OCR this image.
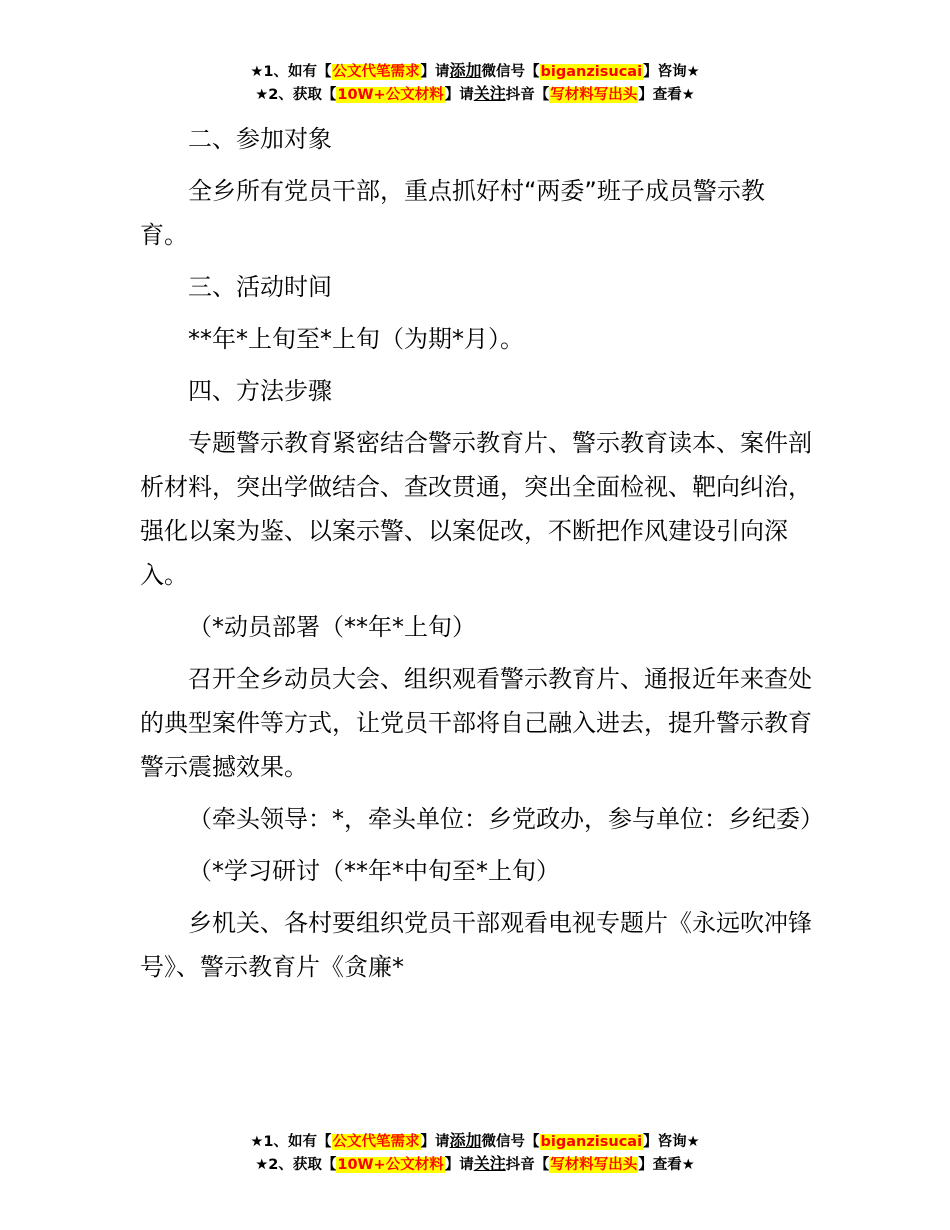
★1、如有【公文代笔需求】请添加微信号【biganzisucai】咨询★
★2、获取【10W+公文材料】请关注抖音【写材料写出头】查看★

二、参加对象

全乡所有党员干部，重点抓好村“两委”班子成员警示教育。

三、活动时间

**年*上旬至*上旬（为期*月）。

四、方法步骤

专题警示教育紧密结合警示教育片、警示教育读本、案件剖析材料，突出学做结合、查改贯通，突出全面检视、靶向纠治，强化以案为鉴、以案示警、以案促改，不断把作风建设引向深入。

（*动员部署（**年*上旬）

召开全乡动员大会、组织观看警示教育片、通报近年来查处的典型案件等方式，让党员干部将自己融入进去，提升警示教育警示震撼效果。

（牵头领导：*，牵头单位：乡党政办，参与单位：乡纪委）

（*学习研讨（**年*中旬至*上旬）

乡机关、各村要组织党员干部观看电视专题片《永远吹冲锋号》、警示教育片《贪廉*

★1、如有【公文代笔需求】请添加微信号【biganzisucai】咨询★
★2、获取【10W+公文材料】请关注抖音【写材料写出头】查看★
